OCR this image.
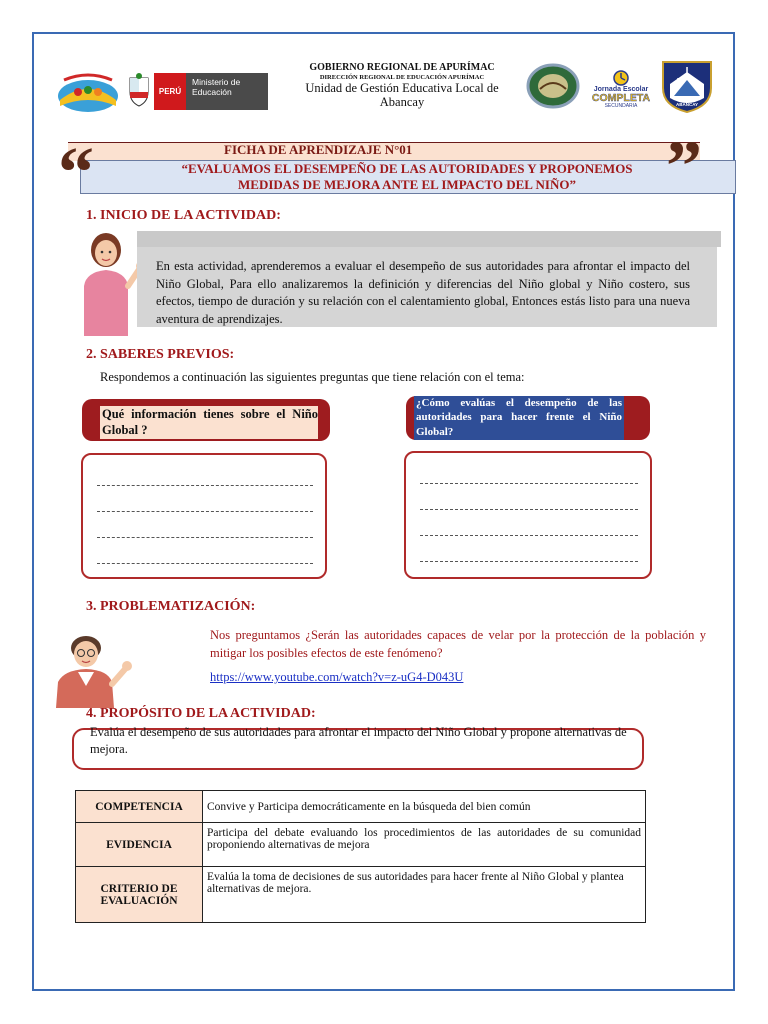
PERÚ
Ministerio de Educación
GOBIERNO REGIONAL DE APURÍMAC
DIRECCIÓN REGIONAL DE EDUCACIÓN APURÍMAC
Unidad de Gestión Educativa Local de Abancay
Jornada Escolar
COMPLETA
SECUNDARIA
I E
ABANCAY
FICHA DE APRENDIZAJE N°01
“EVALUAMOS EL DESEMPEÑO DE LAS AUTORIDADES Y PROPONEMOS
MEDIDAS DE MEJORA ANTE EL IMPACTO DEL NIÑO”
“	”
1. INICIO DE LA ACTIVIDAD:
En esta actividad, aprenderemos a evaluar el desempeño de sus autoridades para afrontar el impacto del Niño Global, Para ello analizaremos la definición y diferencias del Niño global y Niño costero, sus efectos, tiempo de duración y su relación con el calentamiento global, Entonces estás listo para una nueva aventura de aprendizajes.
2. SABERES PREVIOS:
Respondemos a continuación las siguientes preguntas que tiene relación con el tema:
Qué información tienes sobre el Niño Global ?
¿Cómo evalúas el desempeño de las autoridades para hacer frente el Niño Global?
3. PROBLEMATIZACIÓN:
Nos preguntamos ¿Serán las autoridades capaces de velar por la protección de la población y mitigar los posibles efectos de este fenómeno?
https://www.youtube.com/watch?v=z-uG4-D043U
4. PROPÓSITO DE LA ACTIVIDAD:
Evalúa el desempeño de sus autoridades para afrontar el impacto del Niño Global y propone alternativas de mejora.
COMPETENCIA	Convive y Participa democráticamente en la búsqueda del bien común
EVIDENCIA	Participa del debate evaluando los procedimientos de las autoridades de su comunidad proponiendo alternativas de mejora
CRITERIO DE EVALUACIÓN	Evalúa la toma de decisiones de sus autoridades para hacer frente al Niño Global y plantea alternativas de mejora.
